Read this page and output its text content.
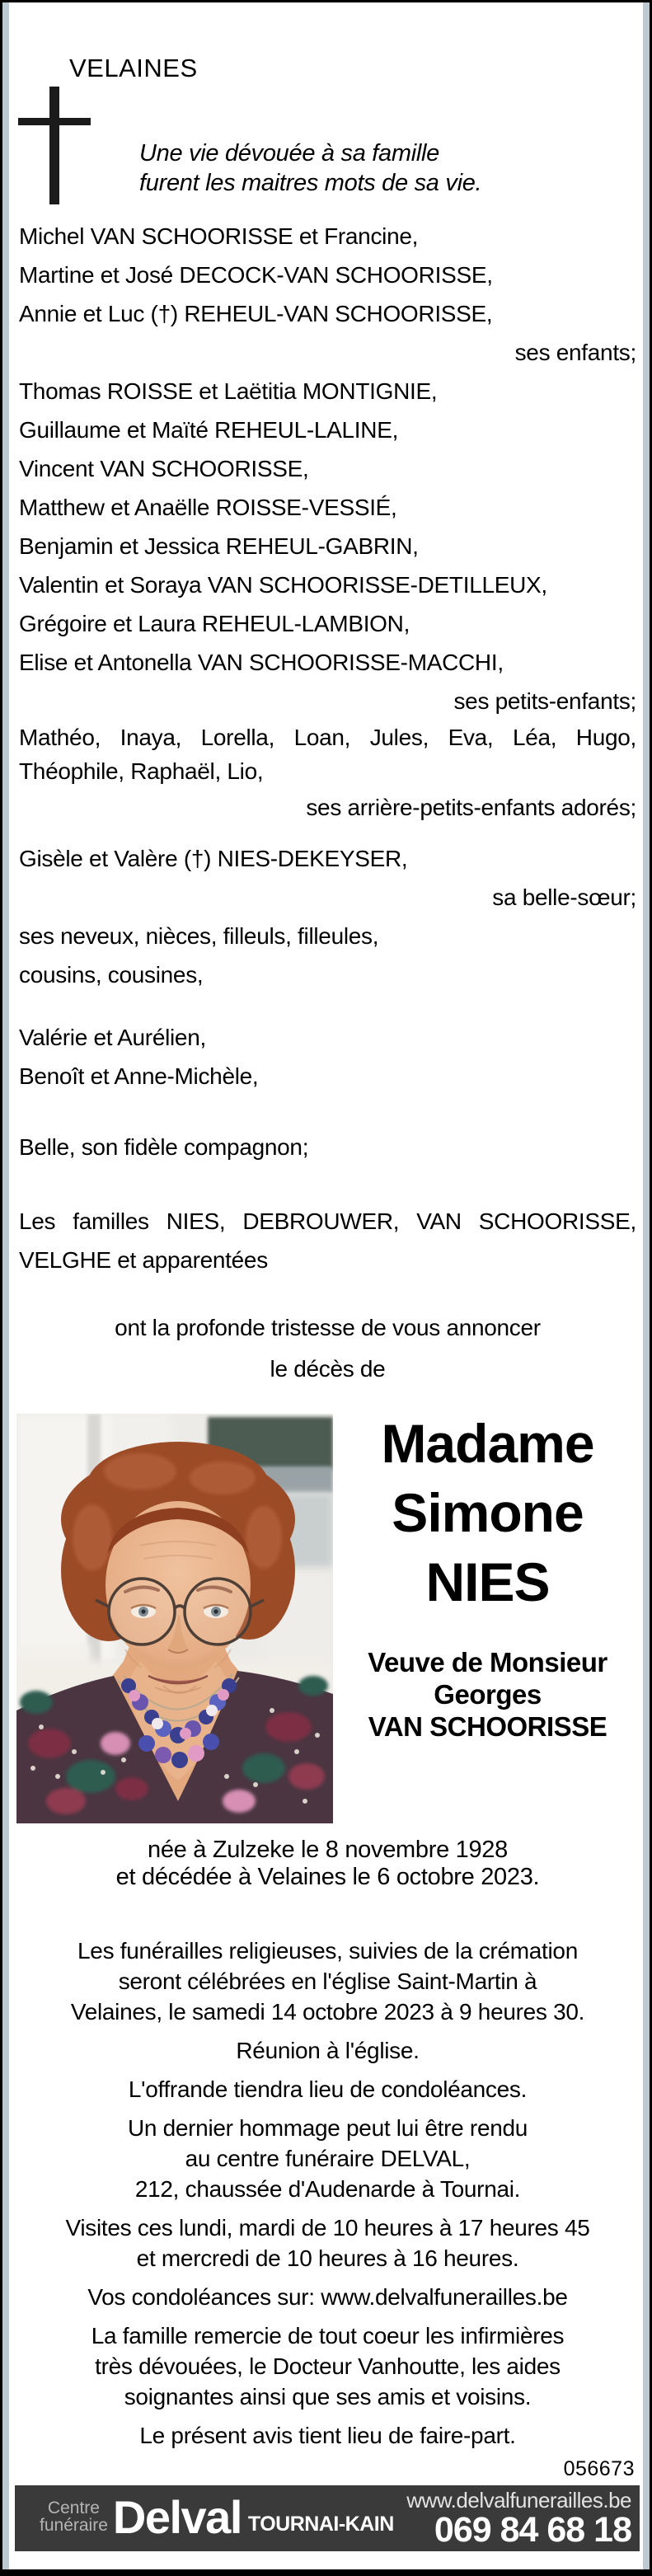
VELAINES
Une vie dévouée à sa famille
furent les maitres mots de sa vie.
Michel VAN SCHOORISSE et Francine,
Martine et José DECOCK-VAN SCHOORISSE,
Annie et Luc (†) REHEUL-VAN SCHOORISSE,
ses enfants;
Thomas ROISSE et Laëtitia MONTIGNIE,
Guillaume et Maïté REHEUL-LALINE,
Vincent VAN SCHOORISSE,
Matthew et Anaëlle ROISSE-VESSIÉ,
Benjamin et Jessica REHEUL-GABRIN,
Valentin et Soraya VAN SCHOORISSE-DETILLEUX,
Grégoire et Laura REHEUL-LAMBION,
Elise et Antonella VAN SCHOORISSE-MACCHI,
ses petits-enfants;
Mathéo, Inaya, Lorella, Loan, Jules, Eva, Léa, Hugo,
Théophile, Raphaël, Lio,
ses arrière-petits-enfants adorés;
Gisèle et Valère (†) NIES-DEKEYSER,
sa belle-sœur;
ses neveux, nièces, filleuls, filleules,
cousins, cousines,
Valérie et Aurélien,
Benoît et Anne-Michèle,
Belle, son fidèle compagnon;
Les familles NIES, DEBROUWER, VAN SCHOORISSE,
VELGHE et apparentées
ont la profonde tristesse de vous annoncer
le décès de
Madame
Simone
NIES
Veuve de Monsieur
Georges
VAN SCHOORISSE
née à Zulzeke le 8 novembre 1928
et décédée à Velaines le 6 octobre 2023.
Les funérailles religieuses, suivies de la crémation
seront célébrées en l'église Saint-Martin à
Velaines, le samedi 14 octobre 2023 à 9 heures 30.
Réunion à l'église.
L'offrande tiendra lieu de condoléances.
Un dernier hommage peut lui être rendu
au centre funéraire DELVAL,
212, chaussée d'Audenarde à Tournai.
Visites ces lundi, mardi de 10 heures à 17 heures 45
et mercredi de 10 heures à 16 heures.
Vos condoléances sur: www.delvalfunerailles.be
La famille remercie de tout coeur les infirmières
très dévouées, le Docteur Vanhoutte, les aides
soignantes ainsi que ses amis et voisins.
Le présent avis tient lieu de faire-part.
056673
Centre
funéraire Delval TOURNAI-KAIN
www.delvalfunerailles.be
069 84 68 18
